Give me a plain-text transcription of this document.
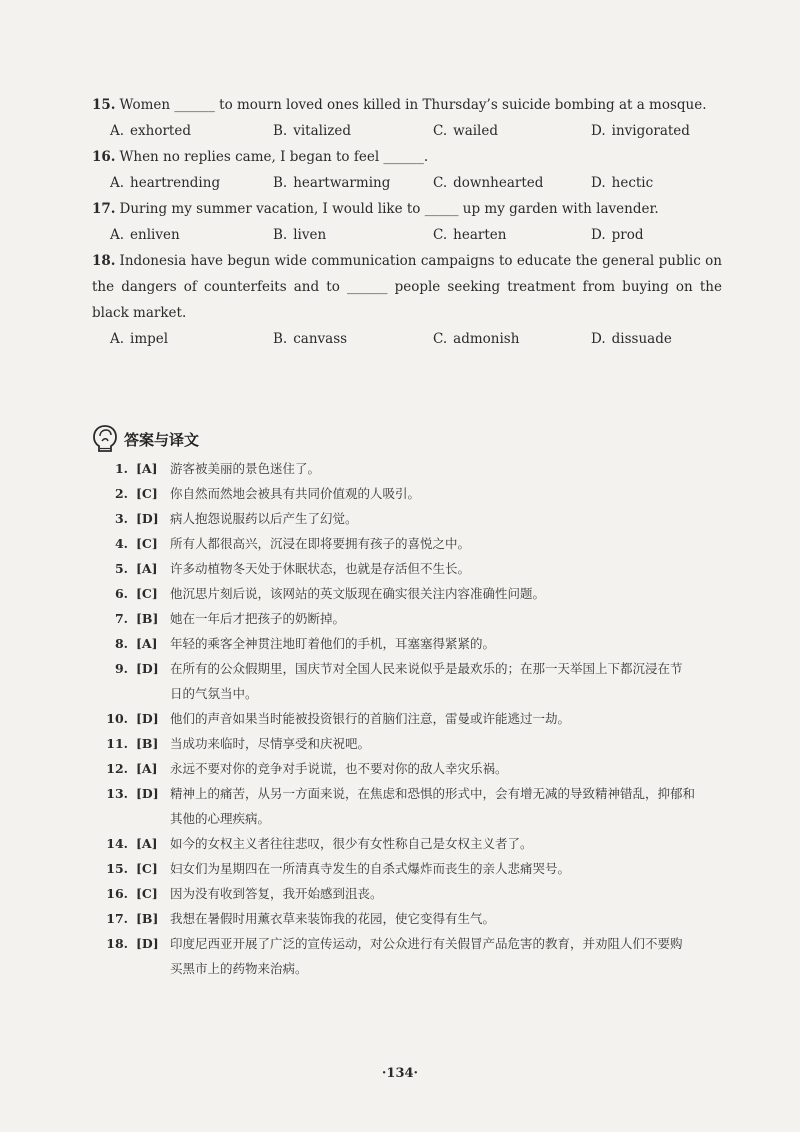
15. Women ______ to mourn loved ones killed in Thursday’s suicide bombing at a mosque.
A. exhorted	B. vitalized	C. wailed	D. invigorated
16. When no replies came, I began to feel ______.
A. heartrending	B. heartwarming	C. downhearted	D. hectic
17. During my summer vacation, I would like to _____ up my garden with lavender.
A. enliven	B. liven	C. hearten	D. prod
18. Indonesia have begun wide communication campaigns to educate the general public on the dangers of counterfeits and to ______ people seeking treatment from buying on the black market.
A. impel	B. canvass	C. admonish	D. dissuade
答案与译文
1. [A] 游客被美丽的景色迷住了。
2. [C] 你自然而然地会被具有共同价值观的人吸引。
3. [D] 病人抱怨说服药以后产生了幻觉。
4. [C] 所有人都很高兴，沉浸在即将要拥有孩子的喜悦之中。
5. [A] 许多动植物冬天处于休眠状态，也就是存活但不生长。
6. [C] 他沉思片刻后说，该网站的英文版现在确实很关注内容准确性问题。
7. [B] 她在一年后才把孩子的奶断掉。
8. [A] 年轻的乘客全神贯注地盯着他们的手机，耳塞塞得紧紧的。
9. [D] 在所有的公众假期里，国庆节对全国人民来说似乎是最欢乐的；在那一天举国上下都沉浸在节
日的气氛当中。
10. [D] 他们的声音如果当时能被投资银行的首脑们注意，雷曼或许能逃过一劫。
11. [B] 当成功来临时，尽情享受和庆祝吧。
12. [A] 永远不要对你的竞争对手说谎，也不要对你的敌人幸灾乐祸。
13. [D] 精神上的痛苦，从另一方面来说，在焦虑和恐惧的形式中，会有增无减的导致精神错乱，抑郁和
其他的心理疾病。
14. [A] 如今的女权主义者往往悲叹，很少有女性称自己是女权主义者了。
15. [C] 妇女们为星期四在一所清真寺发生的自杀式爆炸而丧生的亲人悲痛哭号。
16. [C] 因为没有收到答复，我开始感到沮丧。
17. [B] 我想在暑假时用薰衣草来装饰我的花园，使它变得有生气。
18. [D] 印度尼西亚开展了广泛的宣传运动，对公众进行有关假冒产品危害的教育，并劝阻人们不要购
买黑市上的药物来治病。
·134·
